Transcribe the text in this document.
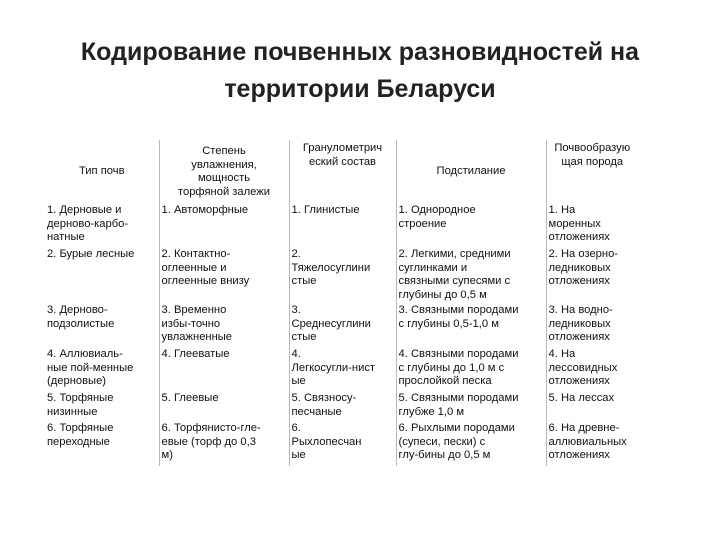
Кодирование почвенных разновидностей на
территории Беларуси
Тип почв	Степень
увлажнения,
мощность
торфяной залежи	Гранулометрич
еский состав	Подстилание	Почвообразую
щая порода

1. Дерновые и
дерново-карбо-
натные	1. Автоморфные	1. Глинистые	1. Однородное
строение	1. На
моренных
отложениях

2. Бурые лесные	2. Контактно-
оглеенные и
оглеенные внизу	2.
Тяжелосуглини
стые	2. Легкими, средними
суглинками и
связными супесями с
глубины до 0,5 м	2. На озерно-
ледниковых
отложениях

3. Дерново-
подзолистые	3. Временно
избы-точно
увлажненные	3.
Среднесуглини
стые	3. Связными породами
с глубины 0,5-1,0 м	3. На водно-
ледниковых
отложениях

4. Аллювиаль-
ные пой-менные
(дерновые)	4. Глееватые	4.
Легкосугли-нист
ые	4. Связными породами
с глубины до 1,0 м с
прослойкой песка	4. На
лессовидных
отложениях

5. Торфяные
низинные	5. Глеевые	5. Связносу-
песчаные	5. Связными породами
глубже 1,0 м	5. На лессах

6. Торфяные
переходные	6. Торфянисто-гле-
евые (торф до 0,3
м)	6.
Рыхлопесчан
ые	6. Рыхлыми породами
(супеси, пески) с
глу-бины до 0,5 м	6. На древне-
аллювиальных
отложениях
